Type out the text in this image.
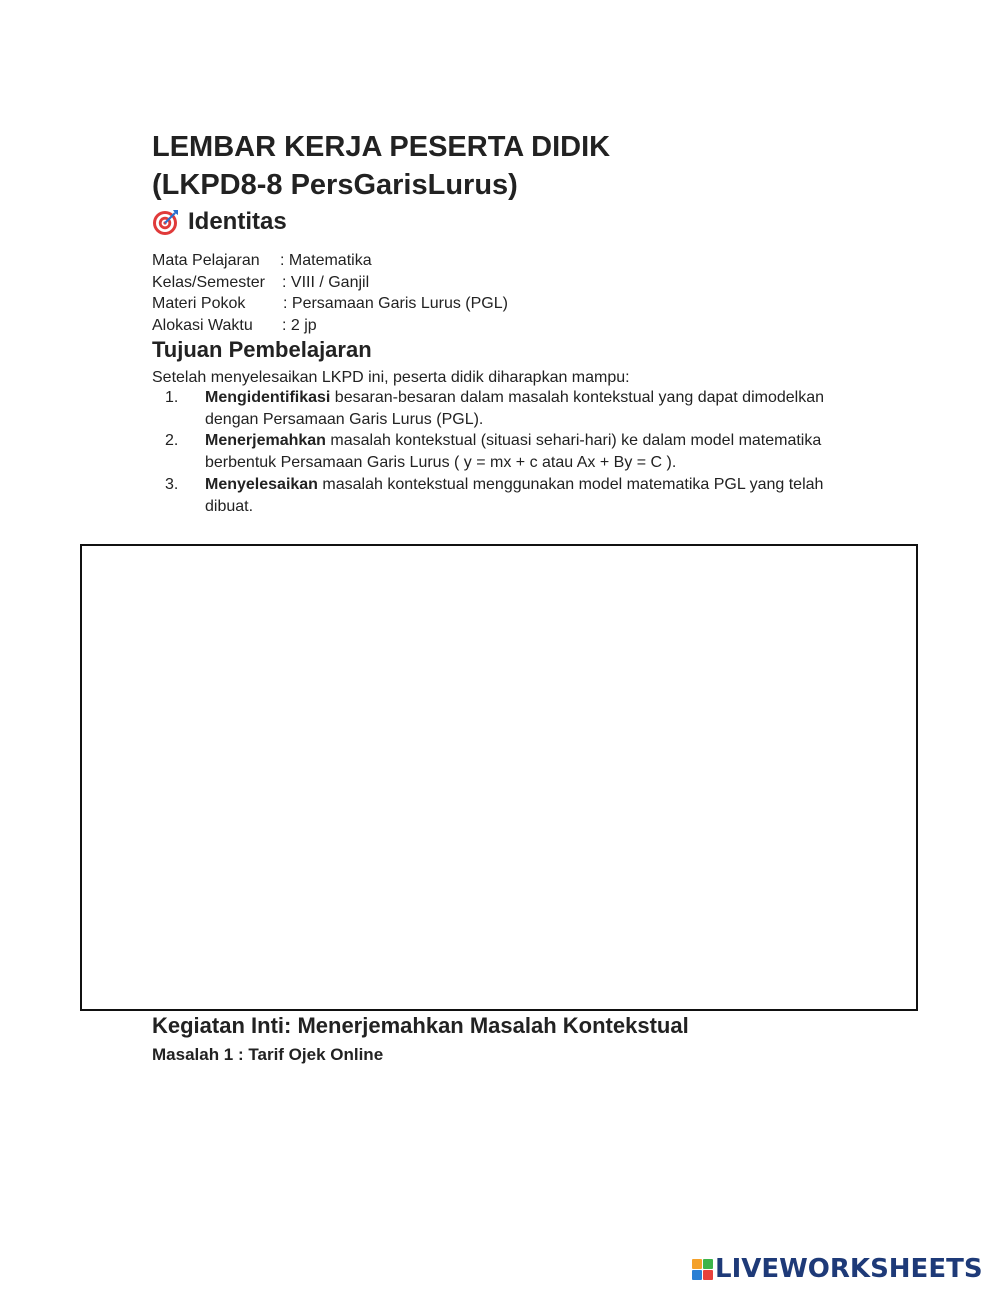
LEMBAR KERJA PESERTA DIDIK
(LKPD8-8 PersGarisLurus)
Identitas
Mata Pelajaran	: Matematika
Kelas/Semester	: VIII / Ganjil
Materi Pokok	: Persamaan Garis Lurus (PGL)
Alokasi Waktu	: 2 jp
Tujuan Pembelajaran
Setelah menyelesaikan LKPD ini, peserta didik diharapkan mampu:
1.	Mengidentifikasi besaran-besaran dalam masalah kontekstual yang dapat dimodelkan dengan Persamaan Garis Lurus (PGL).
2.	Menerjemahkan masalah kontekstual (situasi sehari-hari) ke dalam model matematika berbentuk Persamaan Garis Lurus ( y = mx + c atau Ax + By = C ).
3.	Menyelesaikan masalah kontekstual menggunakan model matematika PGL yang telah dibuat.
Kegiatan Inti: Menerjemahkan Masalah Kontekstual
Masalah 1 : Tarif Ojek Online
LIVEWORKSHEETS
